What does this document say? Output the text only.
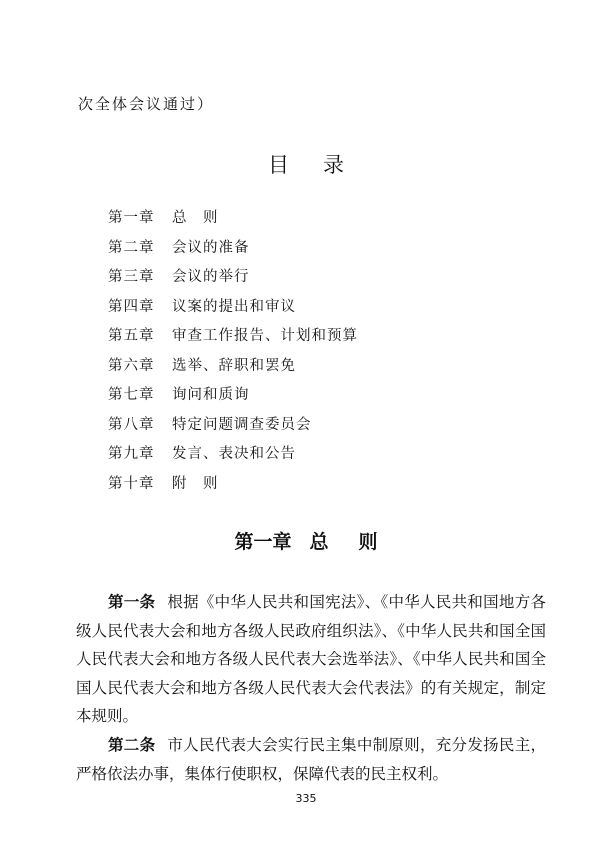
次全体会议通过）
目录
第一章	总　则
第二章	会议的准备
第三章	会议的举行
第四章	议案的提出和审议
第五章	审查工作报告、计划和预算
第六章	选举、辞职和罢免
第七章	询问和质询
第八章	特定问题调查委员会
第九章	发言、表决和公告
第十章	附　则
第一章 总 则

第一条 根据《中华人民共和国宪法》、《中华人民共和国地方各级人民代表大会和地方各级人民政府组织法》、《中华人民共和国全国人民代表大会和地方各级人民代表大会选举法》、《中华人民共和国全国人民代表大会和地方各级人民代表大会代表法》的有关规定，制定本规则。

第二条 市人民代表大会实行民主集中制原则，充分发扬民主，严格依法办事，集体行使职权，保障代表的民主权利。

335
